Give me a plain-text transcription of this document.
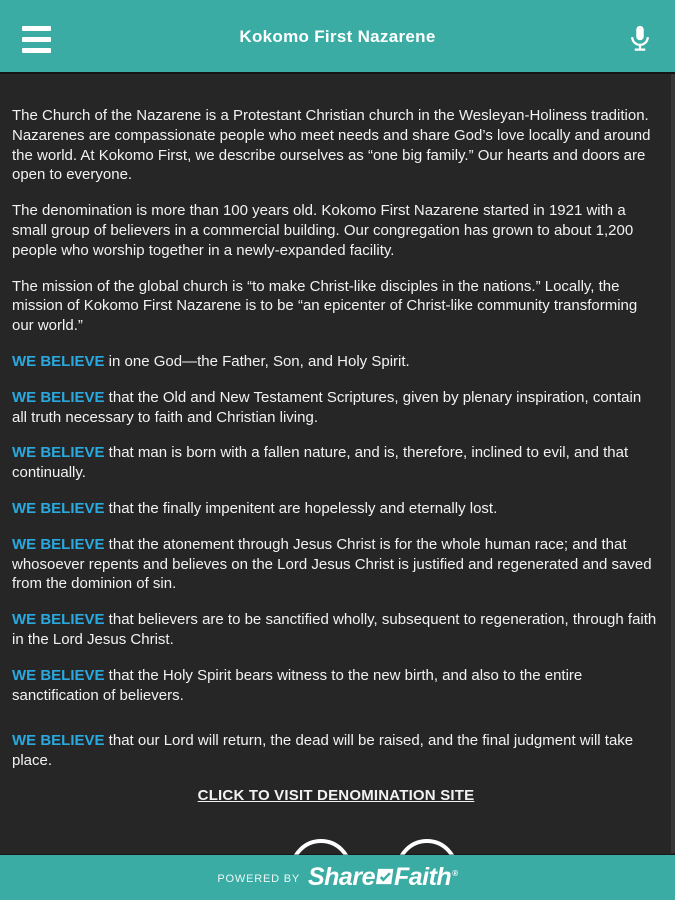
Kokomo First Nazarene

The Church of the Nazarene is a Protestant Christian church in the Wesleyan-Holiness tradition. Nazarenes are compassionate people who meet needs and share God’s love locally and around the world. At Kokomo First, we describe ourselves as “one big family.” Our hearts and doors are open to everyone.

The denomination is more than 100 years old. Kokomo First Nazarene started in 1921 with a small group of believers in a commercial building. Our congregation has grown to about 1,200 people who worship together in a newly-expanded facility.

The mission of the global church is “to make Christ-like disciples in the nations.” Locally, the mission of Kokomo First Nazarene is to be “an epicenter of Christ-like community transforming our world.”

WE BELIEVE in one God—the Father, Son, and Holy Spirit.

WE BELIEVE that the Old and New Testament Scriptures, given by plenary inspiration, contain all truth necessary to faith and Christian living.

WE BELIEVE that man is born with a fallen nature, and is, therefore, inclined to evil, and that continually.

WE BELIEVE that the finally impenitent are hopelessly and eternally lost.

WE BELIEVE that the atonement through Jesus Christ is for the whole human race; and that whosoever repents and believes on the Lord Jesus Christ is justified and regenerated and saved from the dominion of sin.

WE BELIEVE that believers are to be sanctified wholly, subsequent to regeneration, through faith in the Lord Jesus Christ.

WE BELIEVE that the Holy Spirit bears witness to the new birth, and also to the entire sanctification of believers.

WE BELIEVE that our Lord will return, the dead will be raised, and the final judgment will take place.

CLICK TO VISIT DENOMINATION SITE
POWERED BY Share Faith ®
